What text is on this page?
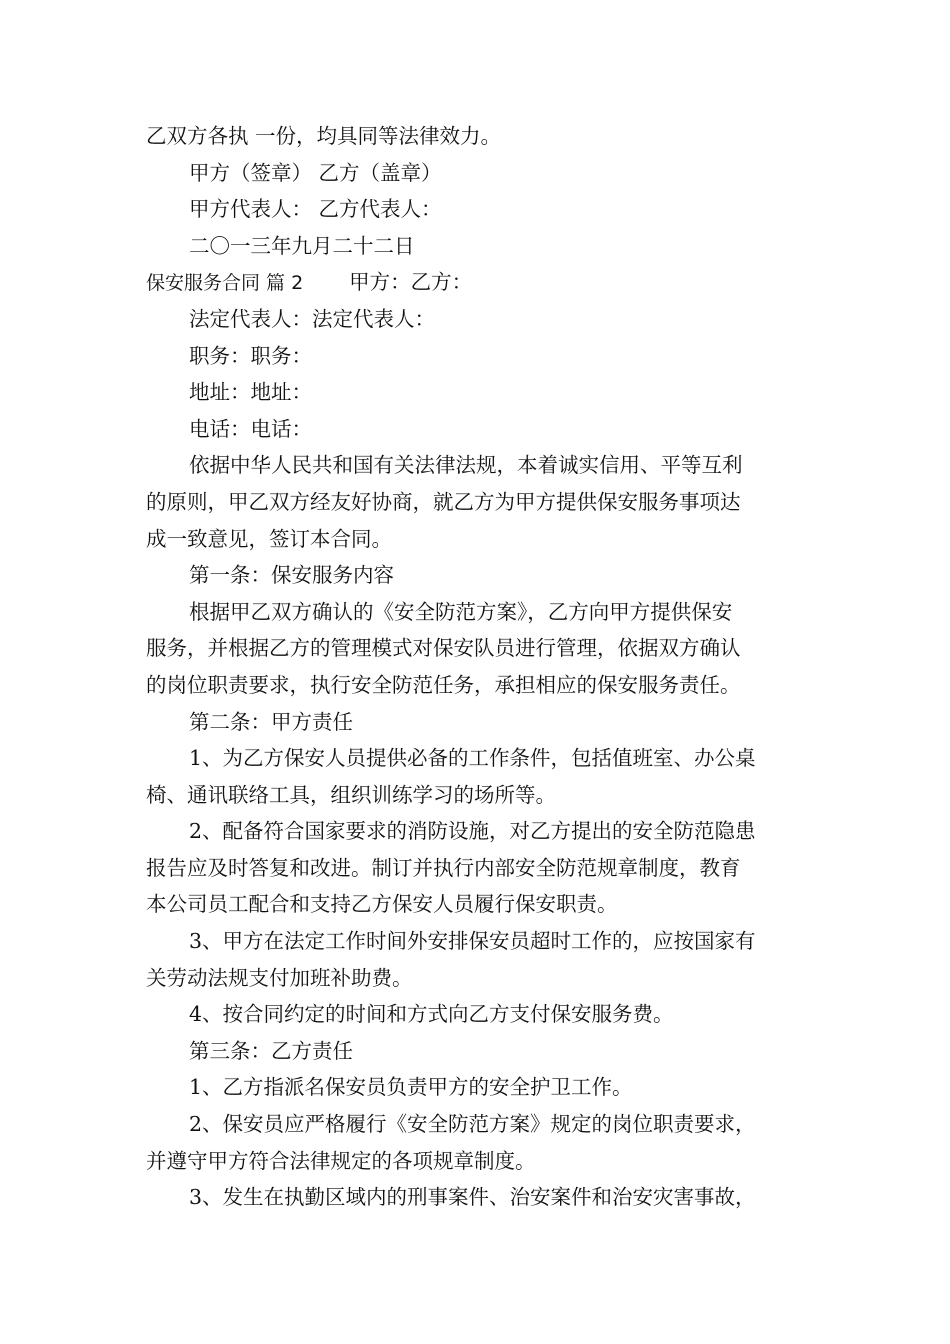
乙双方各执 一份，均具同等法律效力。
甲方（签章） 乙方（盖章）
甲方代表人： 乙方代表人：
二〇一三年九月二十二日
保安服务合同 篇 2 甲方：乙方：
法定代表人：法定代表人：
职务：职务：
地址：地址：
电话：电话：
依据中华人民共和国有关法律法规，本着诚实信用、平等互利
的原则，甲乙双方经友好协商，就乙方为甲方提供保安服务事项达
成一致意见，签订本合同。
第一条：保安服务内容
根据甲乙双方确认的《安全防范方案》，乙方向甲方提供保安
服务，并根据乙方的管理模式对保安队员进行管理，依据双方确认
的岗位职责要求，执行安全防范任务，承担相应的保安服务责任。
第二条：甲方责任
1、为乙方保安人员提供必备的工作条件，包括值班室、办公桌
椅、通讯联络工具，组织训练学习的场所等。
2、配备符合国家要求的消防设施，对乙方提出的安全防范隐患
报告应及时答复和改进。制订并执行内部安全防范规章制度，教育
本公司员工配合和支持乙方保安人员履行保安职责。
3、甲方在法定工作时间外安排保安员超时工作的，应按国家有
关劳动法规支付加班补助费。
4、按合同约定的时间和方式向乙方支付保安服务费。
第三条：乙方责任
1、乙方指派名保安员负责甲方的安全护卫工作。
2、保安员应严格履行《安全防范方案》规定的岗位职责要求，
并遵守甲方符合法律规定的各项规章制度。
3、发生在执勤区域内的刑事案件、治安案件和治安灾害事故，
